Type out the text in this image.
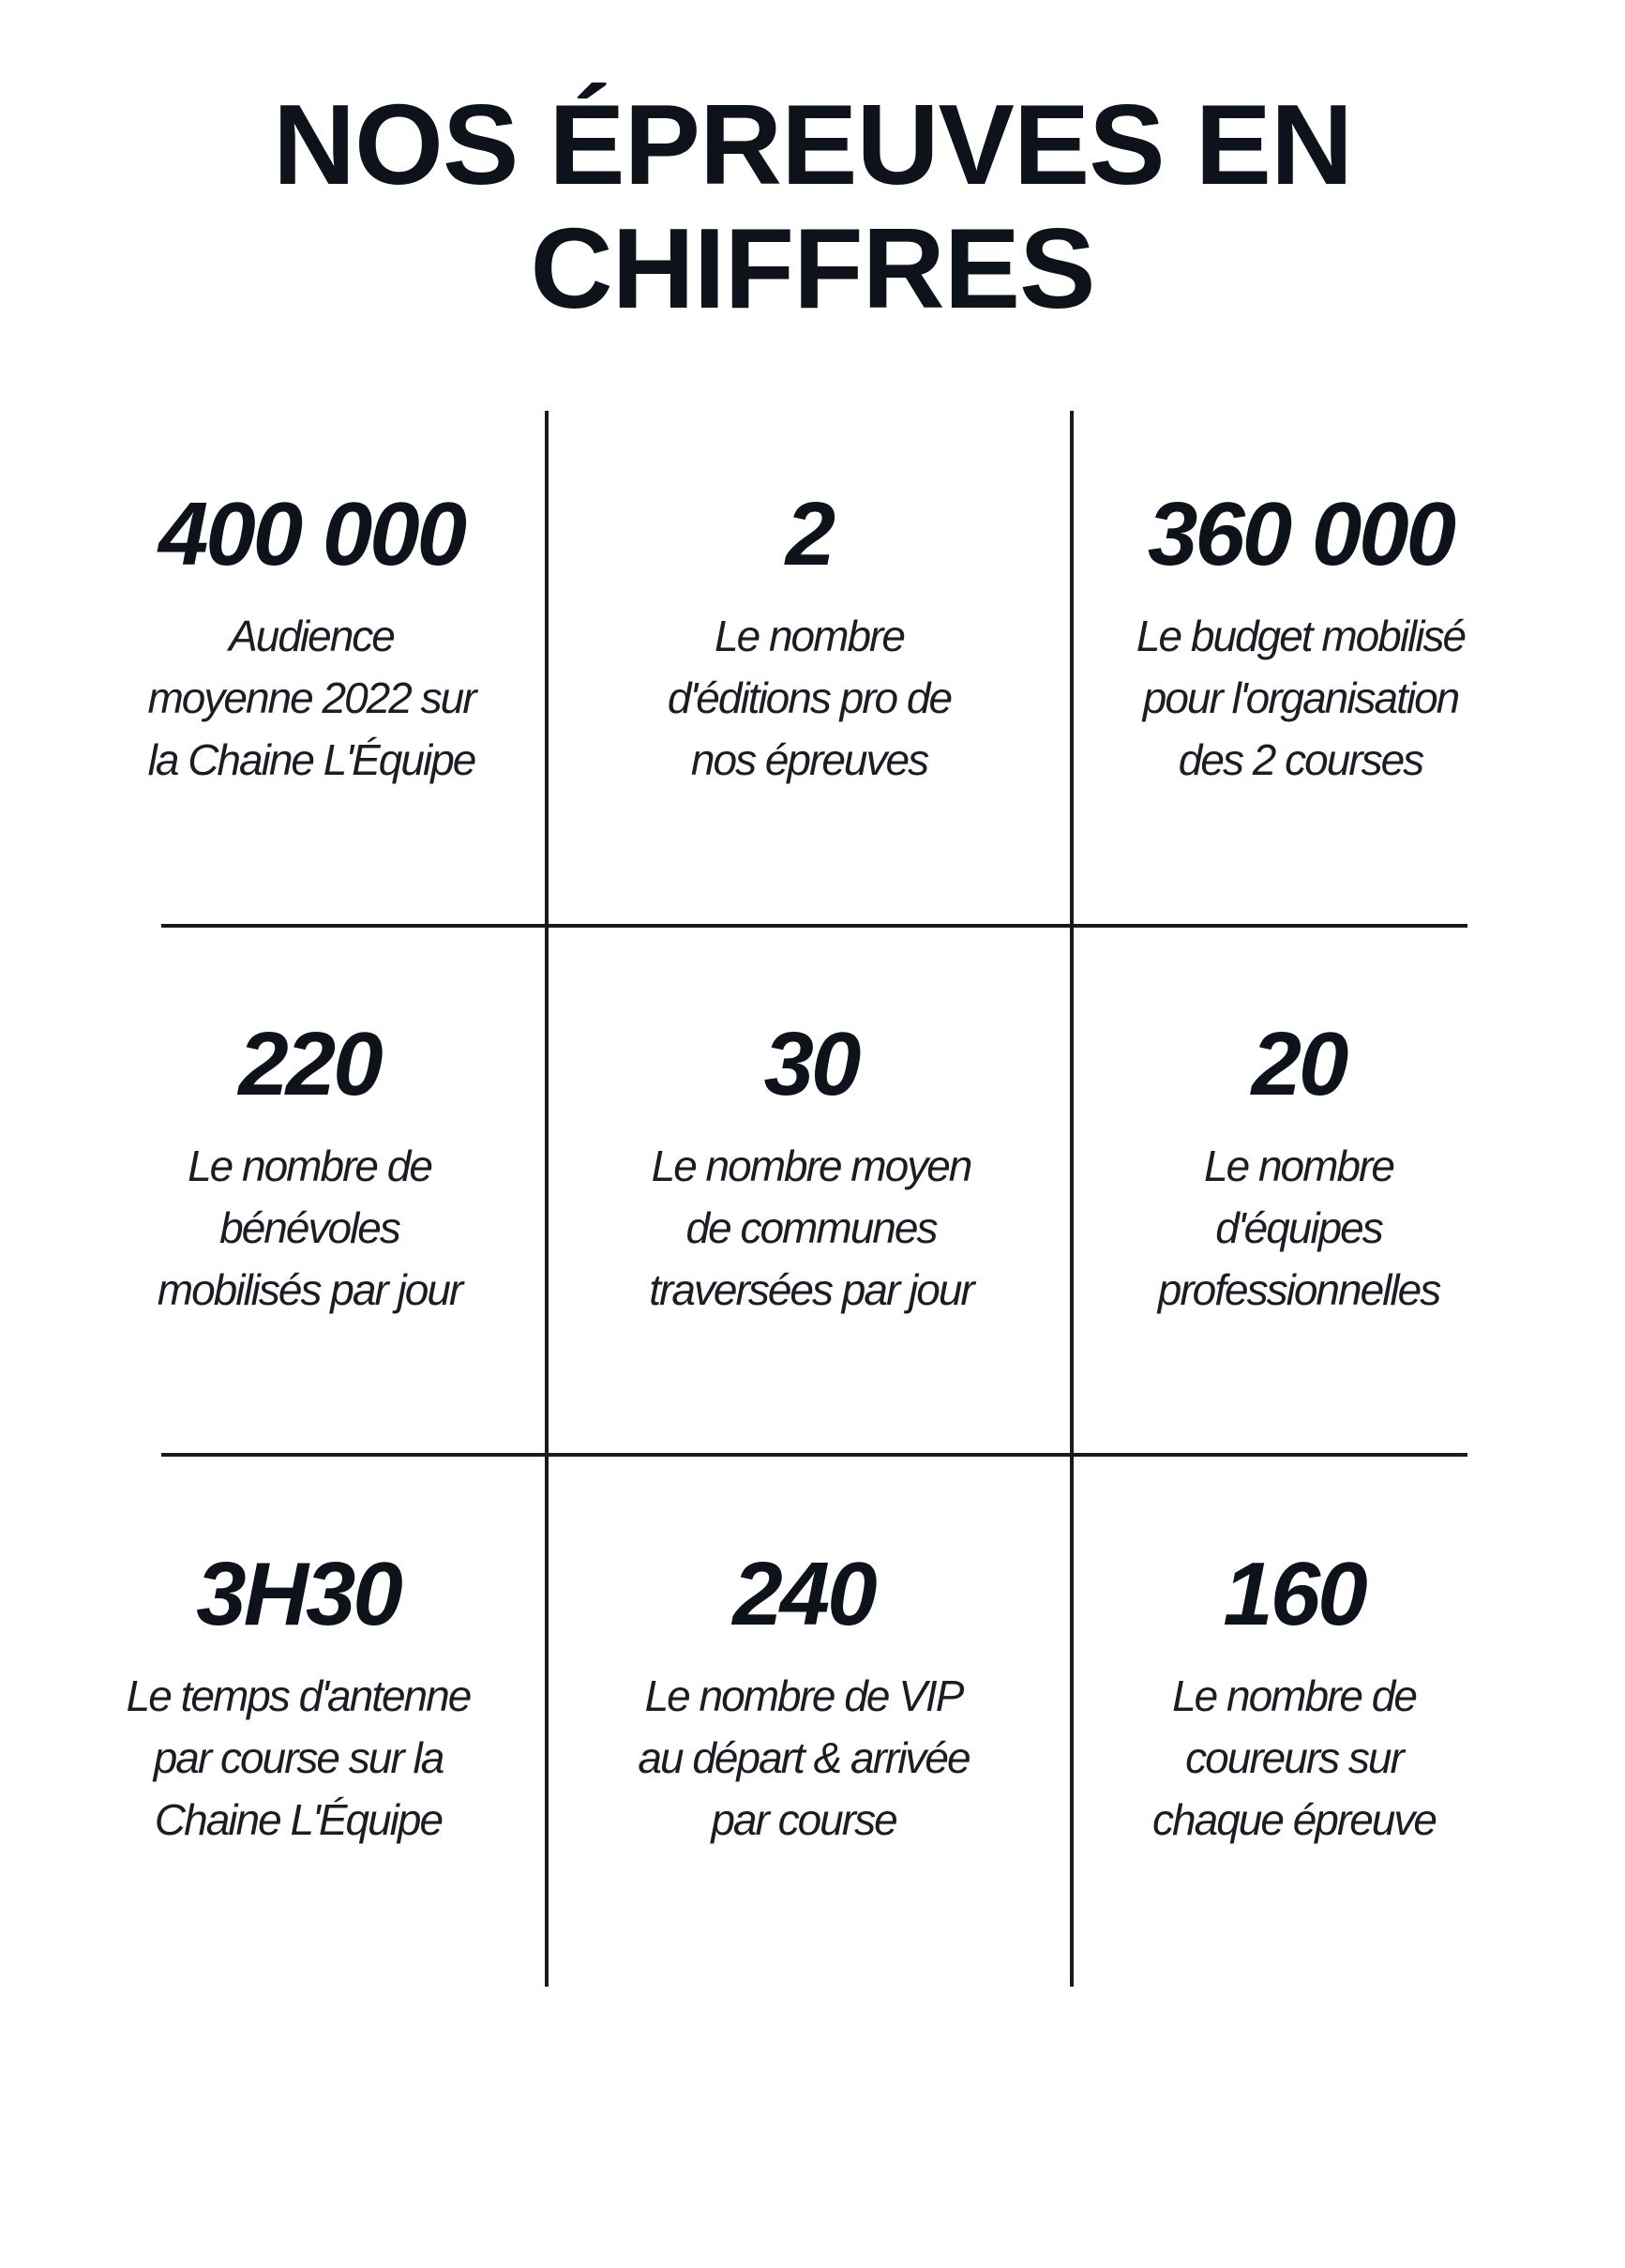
NOS ÉPREUVES EN
CHIFFRES
400 000
Audience
moyenne 2022 sur
la Chaine L'Équipe
2
Le nombre
d'éditions pro de
nos épreuves
360 000
Le budget mobilisé
pour l'organisation
des 2 courses
220
Le nombre de
bénévoles
mobilisés par jour
30
Le nombre moyen
de communes
traversées par jour
20
Le nombre
d'équipes
professionnelles
3H30
Le temps d'antenne
par course sur la
Chaine L'Équipe
240
Le nombre de VIP
au départ & arrivée
par course
160
Le nombre de
coureurs sur
chaque épreuve
